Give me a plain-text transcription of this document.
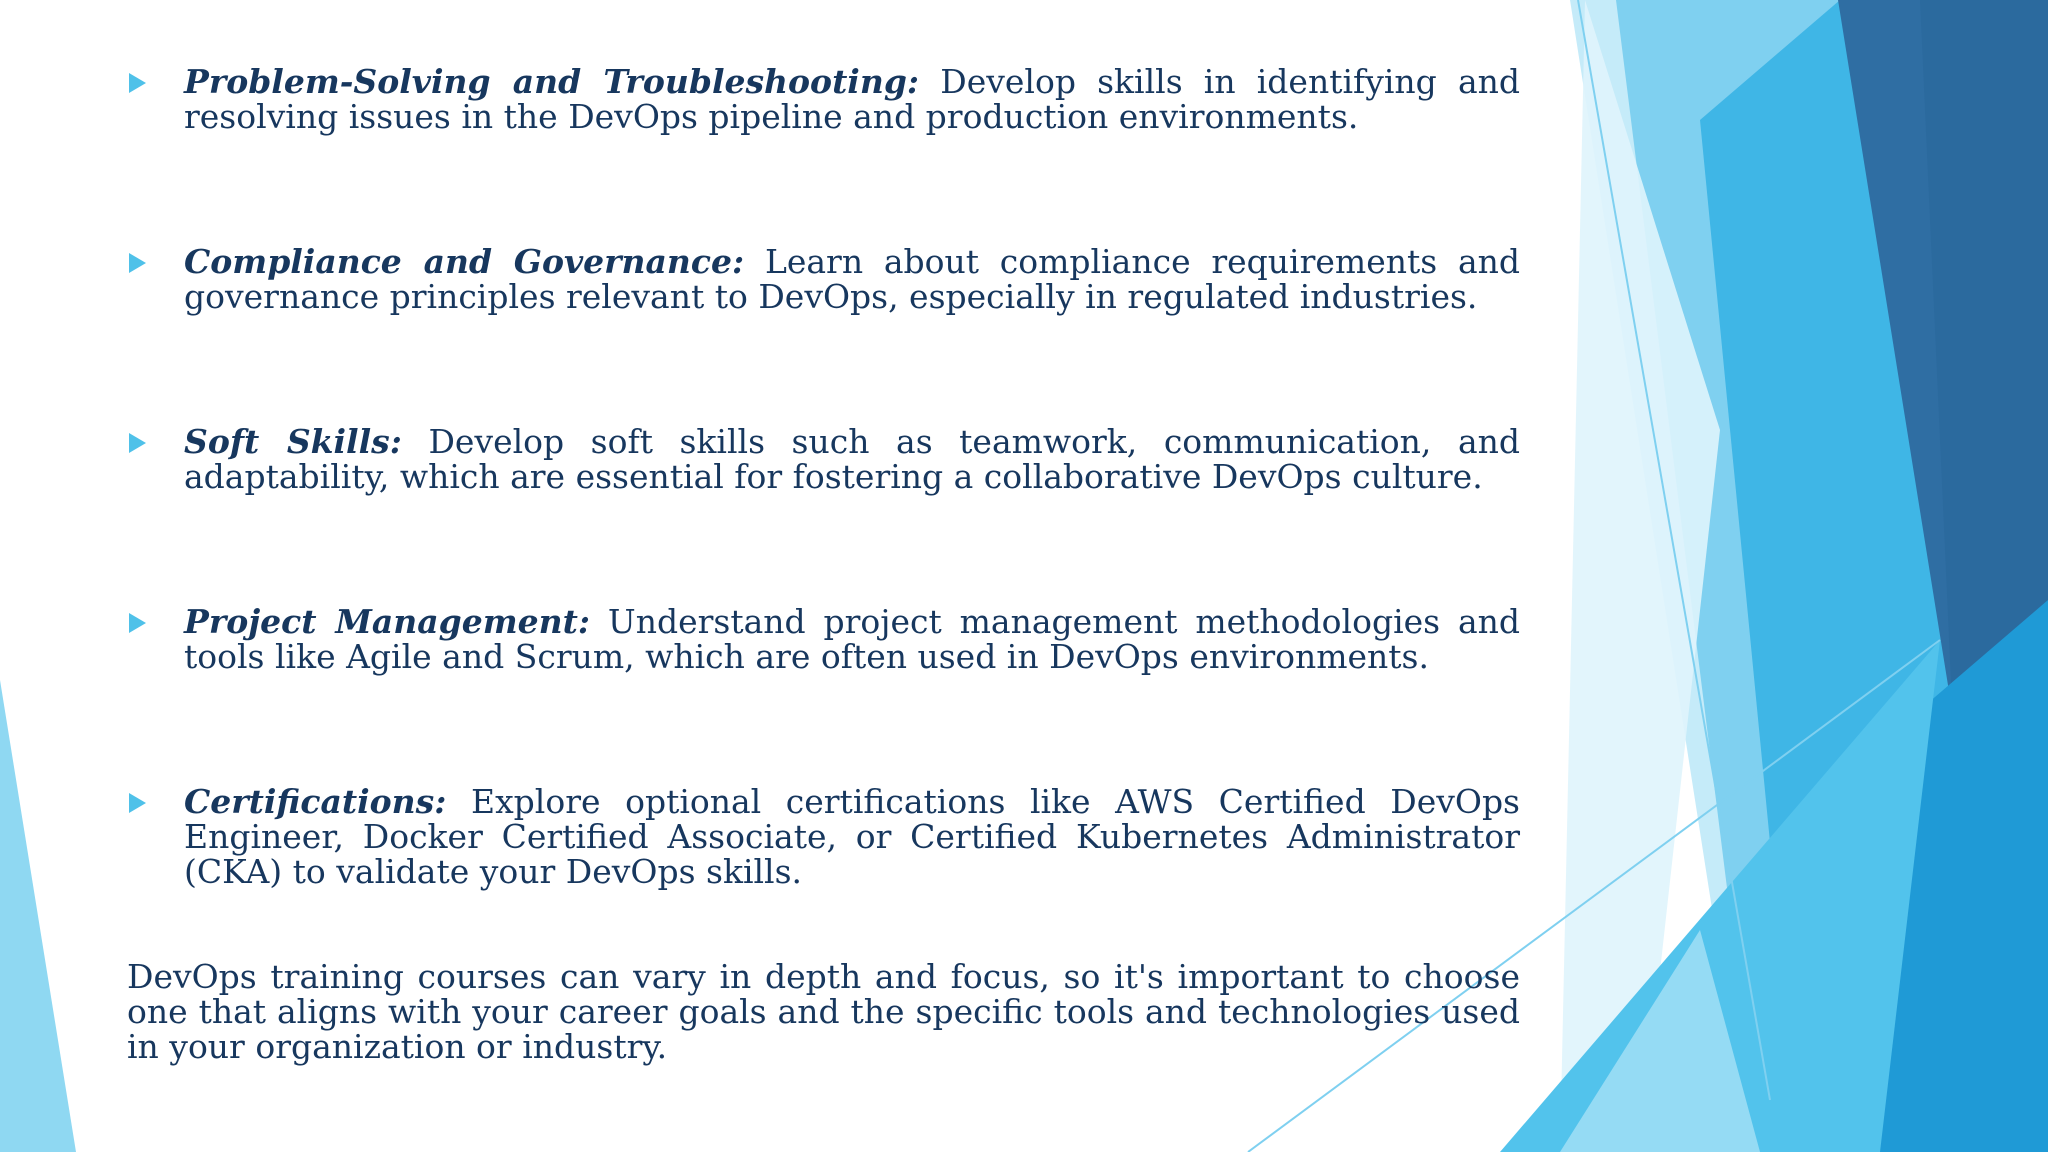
Problem-Solving and Troubleshooting: Develop skills in identifying and resolving issues in the DevOps pipeline and production environments.
Compliance and Governance: Learn about compliance requirements and governance principles relevant to DevOps, especially in regulated industries.
Soft Skills: Develop soft skills such as teamwork, communication, and adaptability, which are essential for fostering a collaborative DevOps culture.
Project Management: Understand project management methodologies and tools like Agile and Scrum, which are often used in DevOps environments.
Certifications: Explore optional certifications like AWS Certified DevOps Engineer, Docker Certified Associate, or Certified Kubernetes Administrator (CKA) to validate your DevOps skills.
DevOps training courses can vary in depth and focus, so it's important to choose one that aligns with your career goals and the specific tools and technologies used in your organization or industry.
